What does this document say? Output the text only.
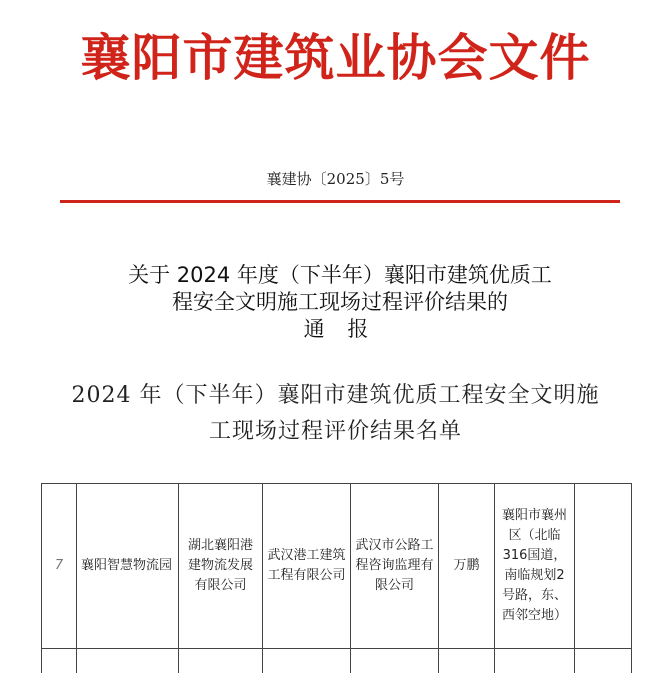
襄阳市建筑业协会文件
襄建协〔2025〕5号
关于 2024 年度（下半年）襄阳市建筑优质工
程安全文明施工现场过程评价结果的
通 报
2024 年（下半年）襄阳市建筑优质工程安全文明施
工现场过程评价结果名单
7	襄阳智慧物流园	湖北襄阳港建物流发展有限公司	武汉港工建筑工程有限公司	武汉市公路工程咨询监理有限公司	万鹏	襄阳市襄州区（北临316国道，南临规划2号路，东、西邻空地）	
